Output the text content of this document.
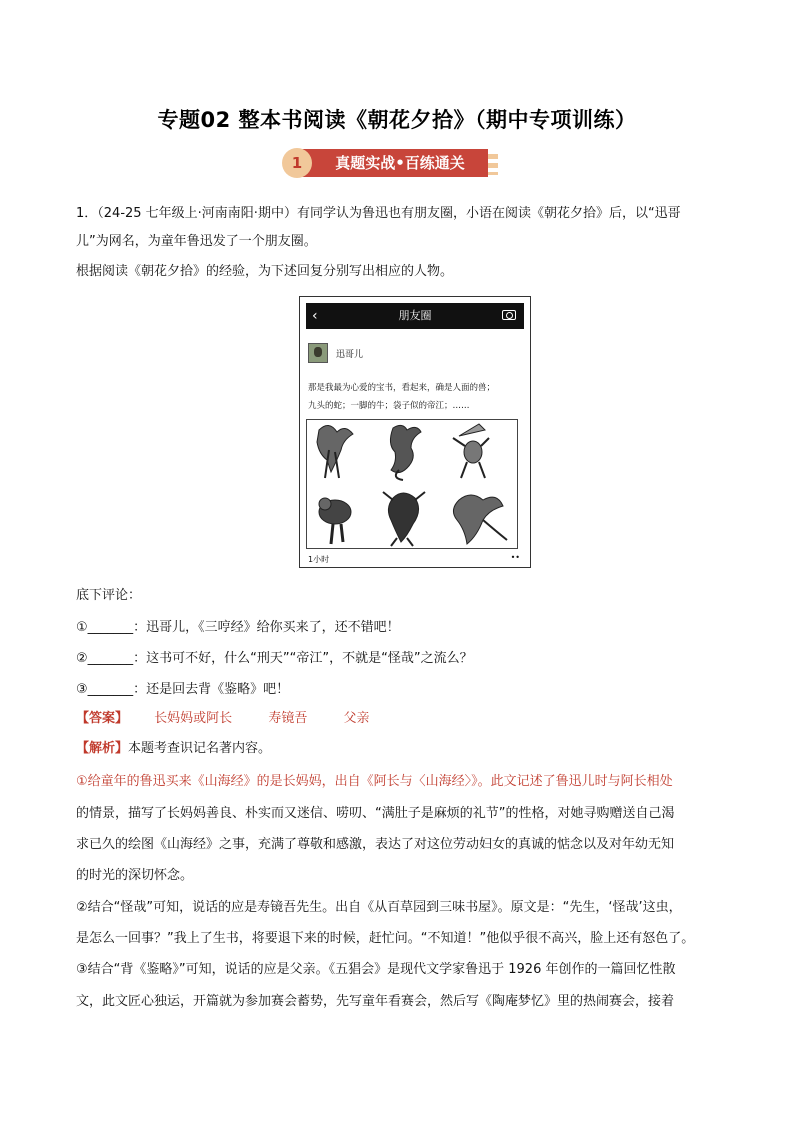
专题02 整本书阅读《朝花夕拾》（期中专项训练）
1	真题实战•百练通关
1．（24-25 七年级上·河南南阳·期中）有同学认为鲁迅也有朋友圈，小语在阅读《朝花夕拾》后，以“迅哥
儿”为网名，为童年鲁迅发了一个朋友圈。
根据阅读《朝花夕拾》的经验，为下述回复分别写出相应的人物。
‹	朋友圈
迅哥儿
那是我最为心爱的宝书，看起来，确是人面的兽；
九头的蛇；一脚的牛；袋子似的帝江；……
1小时	••
底下评论：
①_______：迅哥儿，《三哼经》给你买来了，还不错吧！
②_______：这书可不好，什么“刑天”“帝江”，不就是“怪哉”之流么？
③_______：还是回去背《鉴略》吧！
【答案】 长妈妈或阿长	寿镜吾	父亲
【解析】本题考查识记名著内容。
①给童年的鲁迅买来《山海经》的是长妈妈，出自《阿长与〈山海经〉》。此文记述了鲁迅儿时与阿长相处
的情景，描写了长妈妈善良、朴实而又迷信、唠叨、“满肚子是麻烦的礼节”的性格，对她寻购赠送自己渴
求已久的绘图《山海经》之事，充满了尊敬和感激，表达了对这位劳动妇女的真诚的惦念以及对年幼无知
的时光的深切怀念。
②结合“怪哉”可知，说话的应是寿镜吾先生。出自《从百草园到三味书屋》。原文是：“先生，‘怪哉’这虫，
是怎么一回事？”我上了生书，将要退下来的时候，赶忙问。“不知道！”他似乎很不高兴，脸上还有怒色了。
③结合“背《鉴略》”可知，说话的应是父亲。《五猖会》是现代文学家鲁迅于 1926 年创作的一篇回忆性散
文，此文匠心独运，开篇就为参加赛会蓄势，先写童年看赛会，然后写《陶庵梦忆》里的热闹赛会，接着
